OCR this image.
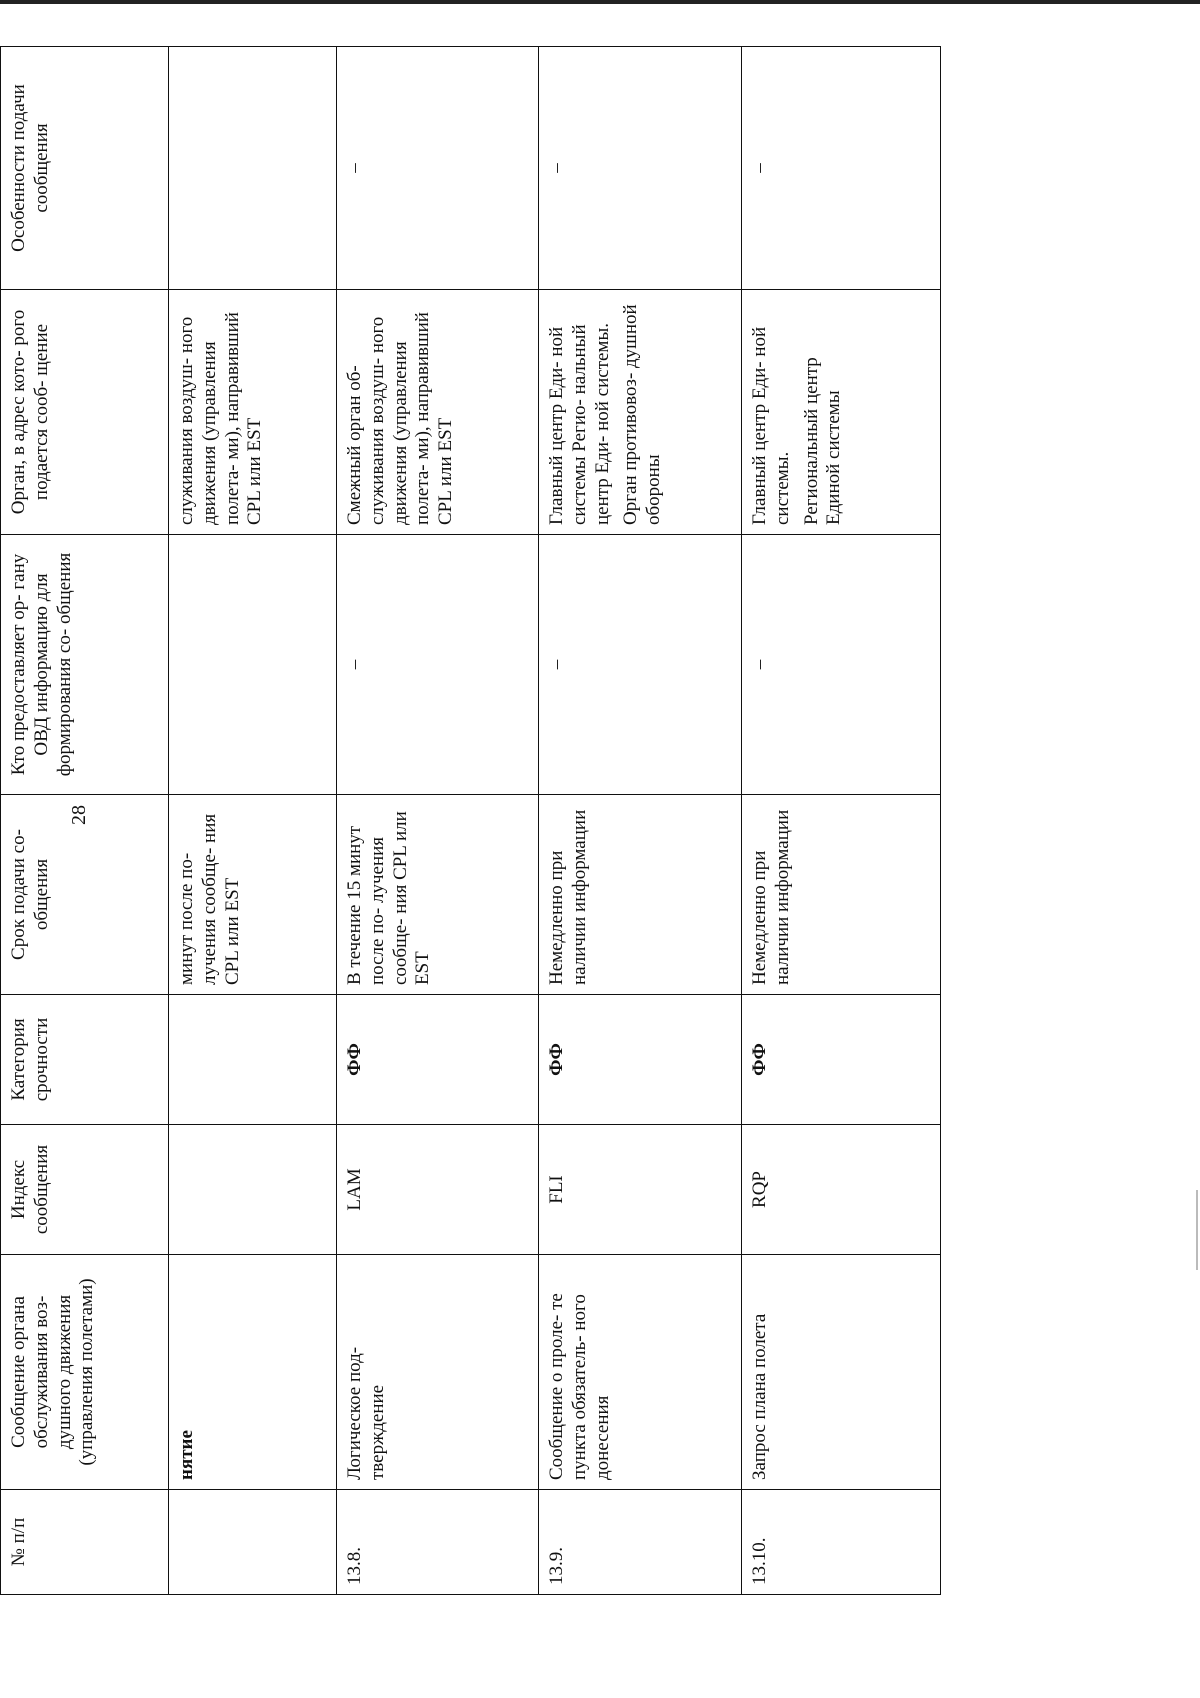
28
№ п/п	Сообщение органа обслуживания воз- душного движения (управления полетами)	Индекс сообщения	Категория срочности	Срок подачи со- общения	Кто предоставляет ор- гану ОВД информацию для формирования со- общения	Орган, в адрес кото- рого подается сооб- щение	Особенности подачи сообщения
	нятие			минут после по- лучения сообще- ния CPL или EST		служивания воздуш- ного движения (управления полета- ми), направивший CPL или EST	

13.8.	Логическое под- тверждение	LAM	ФФ	В течение 15 минут после по- лучения сообще- ния CPL или EST	–	Смежный орган об- служивания воздуш- ного движения (управления полета- ми), направивший CPL или EST	–
13.9.	Сообщение о проле- те пункта обязатель- ного донесения	FLI	ФФ	Немедленно при наличии информации	–	Главный центр Еди- ной системы Регио- нальный центр Еди- ной системы. Орган противовоз- душной обороны	–
13.10.	Запрос плана полета	RQP	ФФ	Немедленно при наличии информации	–	Главный центр Еди- ной системы. Региональный центр Единой системы	–
